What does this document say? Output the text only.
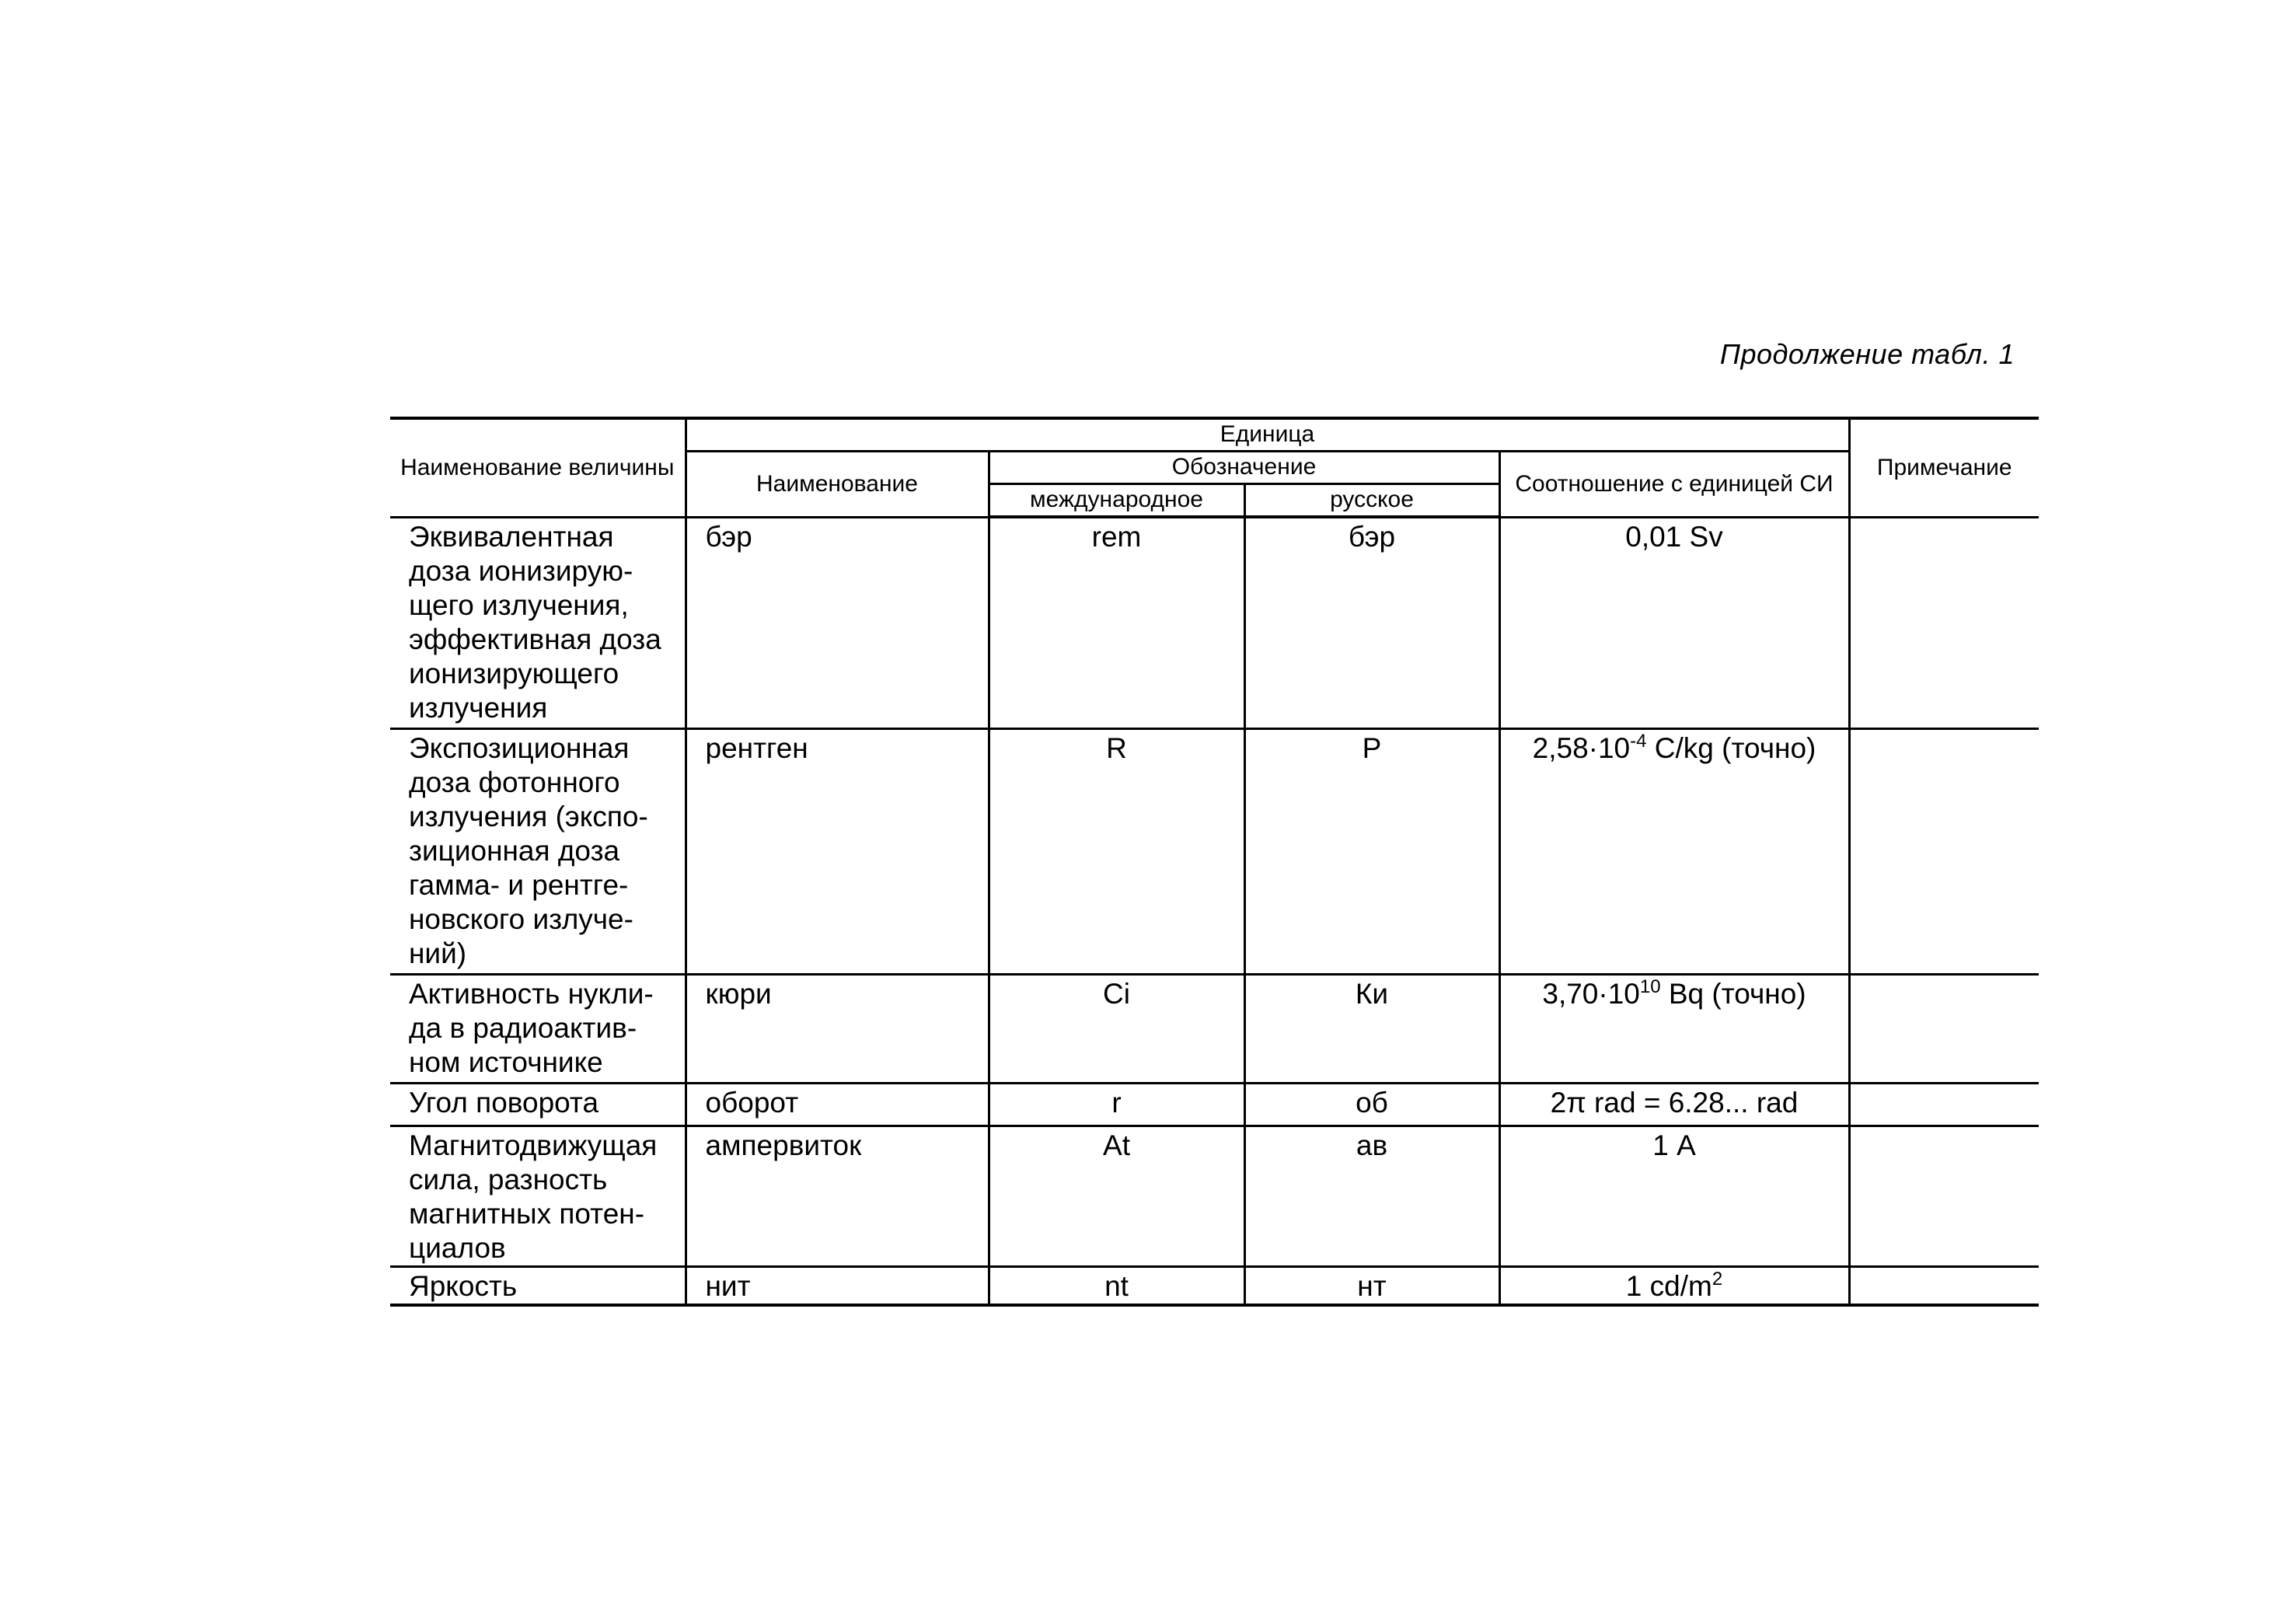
Продолжение табл. 1
Наименование величины	Единица				Примечание
	Наименование	Обозначение		Соотношение с единицей СИ	
		международное	русское		
Эквивалентная доза ионизирую-щего излучения, эффективная доза ионизирующего излучения	бэр	rem	бэр	0,01 Sv	
Экспозиционная доза фотонного излучения (экспо-зиционная доза гамма- и рентге-новского излуче-ний)	рентген	R	Р	$2,58\cdot 10^{-4}$ С/kg (точно)	
Активность нукли-да в радиоактив-ном источнике	кюри	Ci	Ки	$3,70\cdot 10^{10}$ Bq (точно)	
Угол поворота	оборот	r	об	2π rad = 6.28... rad	
Магнитодвижущая сила, разность магнитных потен-циалов	ампервиток	At	ав	1 А	
Яркость	нит	nt	нт	1 $cd/m^2$	
